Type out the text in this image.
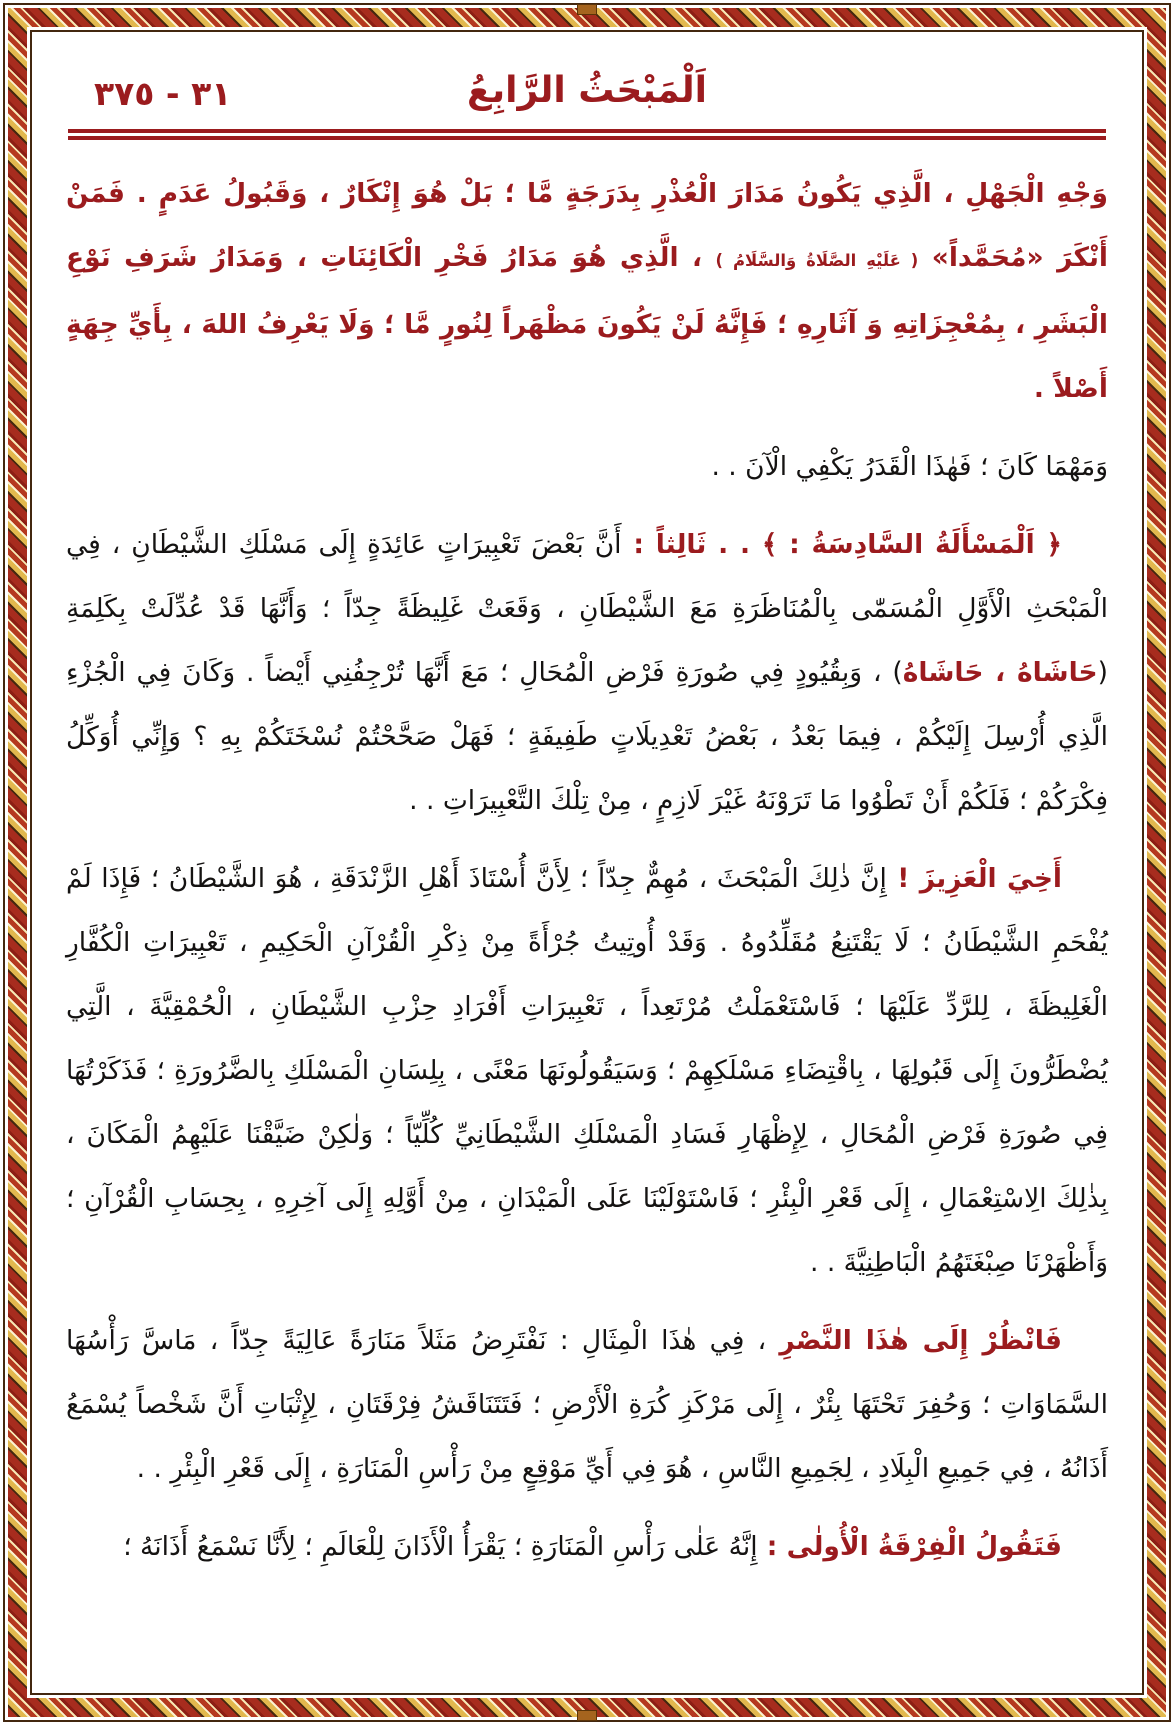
٣١ - ٣٧٥	اَلْمَبْحَثُ الرَّابِعُ

وَجْهِ الْجَهْلِ ، الَّذِي يَكُونُ مَدَارَ الْعُذْرِ بِدَرَجَةٍ مَّا ؛ بَلْ هُوَ إِنْكَارٌ ، وَقَبُولُ عَدَمٍ . فَمَنْ أَنْكَرَ «مُحَمَّداً» ( عَلَيْهِ الصَّلَاةُ وَالسَّلَامُ ) ، الَّذِي هُوَ مَدَارُ فَخْرِ الْكَائِنَاتِ ، وَمَدَارُ شَرَفِ نَوْعِ الْبَشَرِ ، بِمُعْجِزَاتِهِ وَ آثَارِهِ ؛ فَإِنَّهُ لَنْ يَكُونَ مَظْهَراً لِنُورٍ مَّا ؛ وَلَا يَعْرِفُ اللهَ ، بِأَيِّ جِهَةٍ أَصْلاً .

وَمَهْمَا كَانَ ؛ فَهٰذَا الْقَدَرُ يَكْفِي الْآنَ . .

﴿ اَلْمَسْأَلَةُ السَّادِسَةُ : ﴾ . . ثَالِثاً : أَنَّ بَعْضَ تَعْبِيرَاتٍ عَائِدَةٍ إِلَى مَسْلَكِ الشَّيْطَانِ ، فِي الْمَبْحَثِ الْأَوَّلِ الْمُسَمّٰى بِالْمُنَاظَرَةِ مَعَ الشَّيْطَانِ ، وَقَعَتْ غَلِيظَةً جِدّاً ؛ وَأَنَّهَا قَدْ عُدِّلَتْ بِكَلِمَةِ (حَاشَاهُ ، حَاشَاهُ) ، وَبِقُيُودٍ فِي صُورَةِ فَرْضِ الْمُحَالِ ؛ مَعَ أَنَّهَا تُرْجِفُنِي أَيْضاً . وَكَانَ فِي الْجُزْءِ الَّذِي أُرْسِلَ إِلَيْكُمْ ، فِيمَا بَعْدُ ، بَعْضُ تَعْدِيلَاتٍ طَفِيفَةٍ ؛ فَهَلْ صَحَّحْتُمْ نُسْخَتَكُمْ بِهِ ؟ وَإِنِّي أُوَكِّلُ فِكْرَكُمْ ؛ فَلَكُمْ أَنْ تَطْوُوا مَا تَرَوْنَهُ غَيْرَ لَازِمٍ ، مِنْ تِلْكَ التَّعْبِيرَاتِ . .

أَخِيَ الْعَزِيزَ ! إِنَّ ذٰلِكَ الْمَبْحَثَ ، مُهِمٌّ جِدّاً ؛ لِأَنَّ أُسْتَاذَ أَهْلِ الزَّنْدَقَةِ ، هُوَ الشَّيْطَانُ ؛ فَإِذَا لَمْ يُفْحَمِ الشَّيْطَانُ ؛ لَا يَقْتَنِعُ مُقَلِّدُوهُ . وَقَدْ أُوتِيتُ جُرْأَةً مِنْ ذِكْرِ الْقُرْآنِ الْحَكِيمِ ، تَعْبِيرَاتِ الْكُفَّارِ الْغَلِيظَةَ ، لِلرَّدِّ عَلَيْهَا ؛ فَاسْتَعْمَلْتُ مُرْتَعِداً ، تَعْبِيرَاتِ أَفْرَادِ حِزْبِ الشَّيْطَانِ ، الْحُمْقِيَّةَ ، الَّتِي يُضْطَرُّونَ إِلَى قَبُولِهَا ، بِاقْتِضَاءِ مَسْلَكِهِمْ ؛ وَسَيَقُولُونَهَا مَعْنًى ، بِلِسَانِ الْمَسْلَكِ بِالضَّرُورَةِ ؛ فَذَكَرْتُهَا فِي صُورَةِ فَرْضِ الْمُحَالِ ، لِإِظْهَارِ فَسَادِ الْمَسْلَكِ الشَّيْطَانِيِّ كُلِّيّاً ؛ وَلٰكِنْ ضَيَّقْنَا عَلَيْهِمُ الْمَكَانَ ، بِذٰلِكَ الِاسْتِعْمَالِ ، إِلَى قَعْرِ الْبِئْرِ ؛ فَاسْتَوْلَيْنَا عَلَى الْمَيْدَانِ ، مِنْ أَوَّلِهِ إِلَى آخِرِهِ ، بِحِسَابِ الْقُرْآنِ ؛ وَأَظْهَرْنَا صِبْغَتَهُمُ الْبَاطِنِيَّةَ . .

فَانْظُرْ إِلَى هٰذَا النَّصْرِ ، فِي هٰذَا الْمِثَالِ : نَفْتَرِضُ مَثَلاً مَنَارَةً عَالِيَةً جِدّاً ، مَاسَّ رَأْسُهَا السَّمَاوَاتِ ؛ وَحُفِرَ تَحْتَهَا بِئْرٌ ، إِلَى مَرْكَزِ كُرَةِ الْأَرْضِ ؛ فَتَتَنَاقَشُ فِرْقَتَانِ ، لِإِثْبَاتِ أَنَّ شَخْصاً يُسْمَعُ أَذَانُهُ ، فِي جَمِيعِ الْبِلَادِ ، لِجَمِيعِ النَّاسِ ، هُوَ فِي أَيِّ مَوْقِعٍ مِنْ رَأْسِ الْمَنَارَةِ ، إِلَى قَعْرِ الْبِئْرِ . .

فَتَقُولُ الْفِرْقَةُ الْأُولٰى : إِنَّهُ عَلٰى رَأْسِ الْمَنَارَةِ ؛ يَقْرَأُ الْأَذَانَ لِلْعَالَمِ ؛ لِأَنَّا نَسْمَعُ أَذَانَهُ ؛
